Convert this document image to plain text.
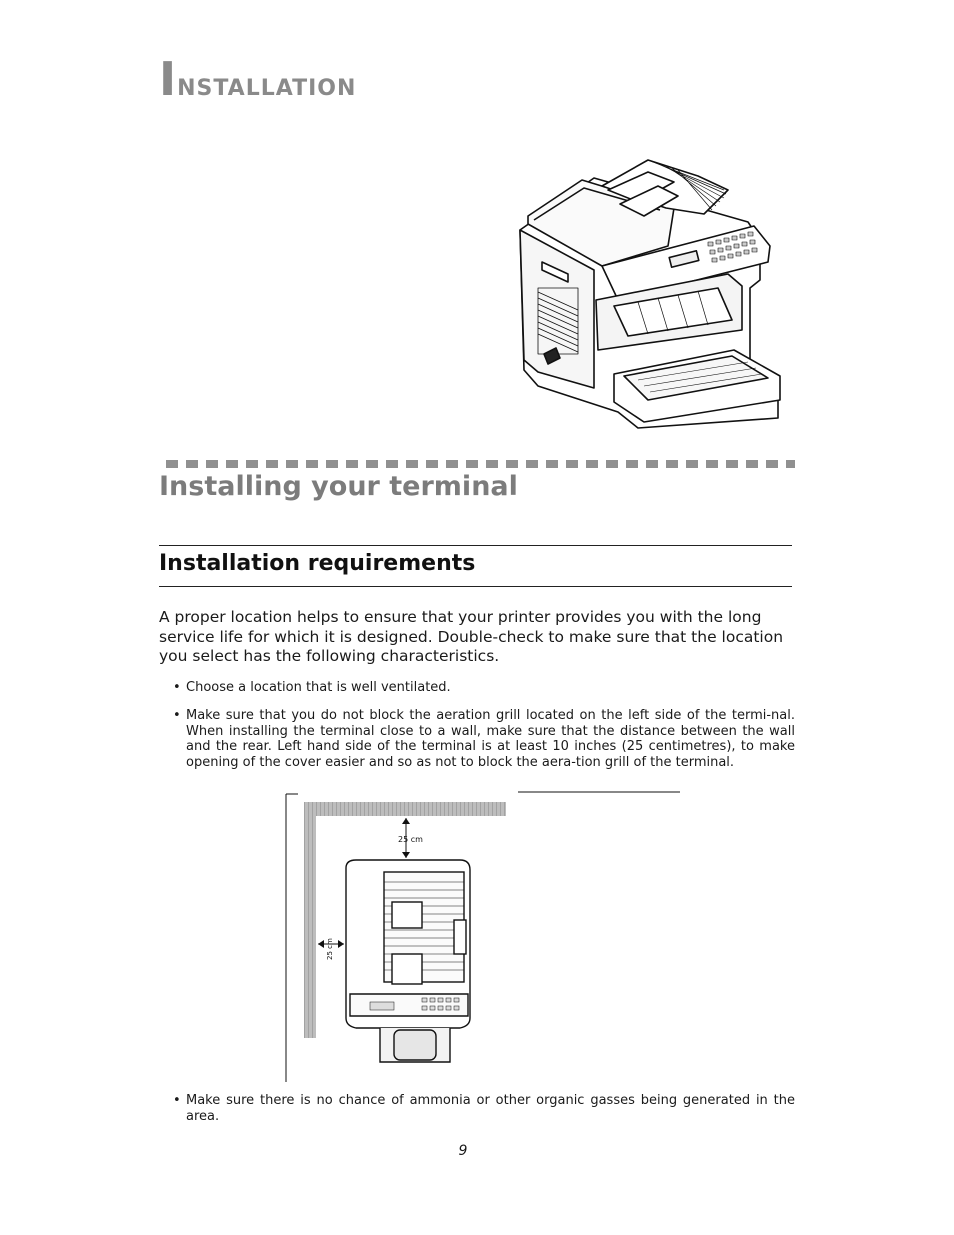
Installation
Installing your terminal
Installation requirements

A proper location helps to ensure that your printer provides you with the long service life for which it is designed. Double-check to make sure that the location you select has the following characteristics.

• Choose a location that is well ventilated.

• Make sure that you do not block the aeration grill located on the left side of the termi-nal. When installing the terminal close to a wall, make sure that the distance between the wall and the rear. Left hand side of the terminal is at least 10 inches (25 centimetres), to make opening of the cover easier and so as not to block the aera-tion grill of the terminal.

25 cm
25 cm

• Make sure there is no chance of ammonia or other organic gasses being generated in the area.

9
